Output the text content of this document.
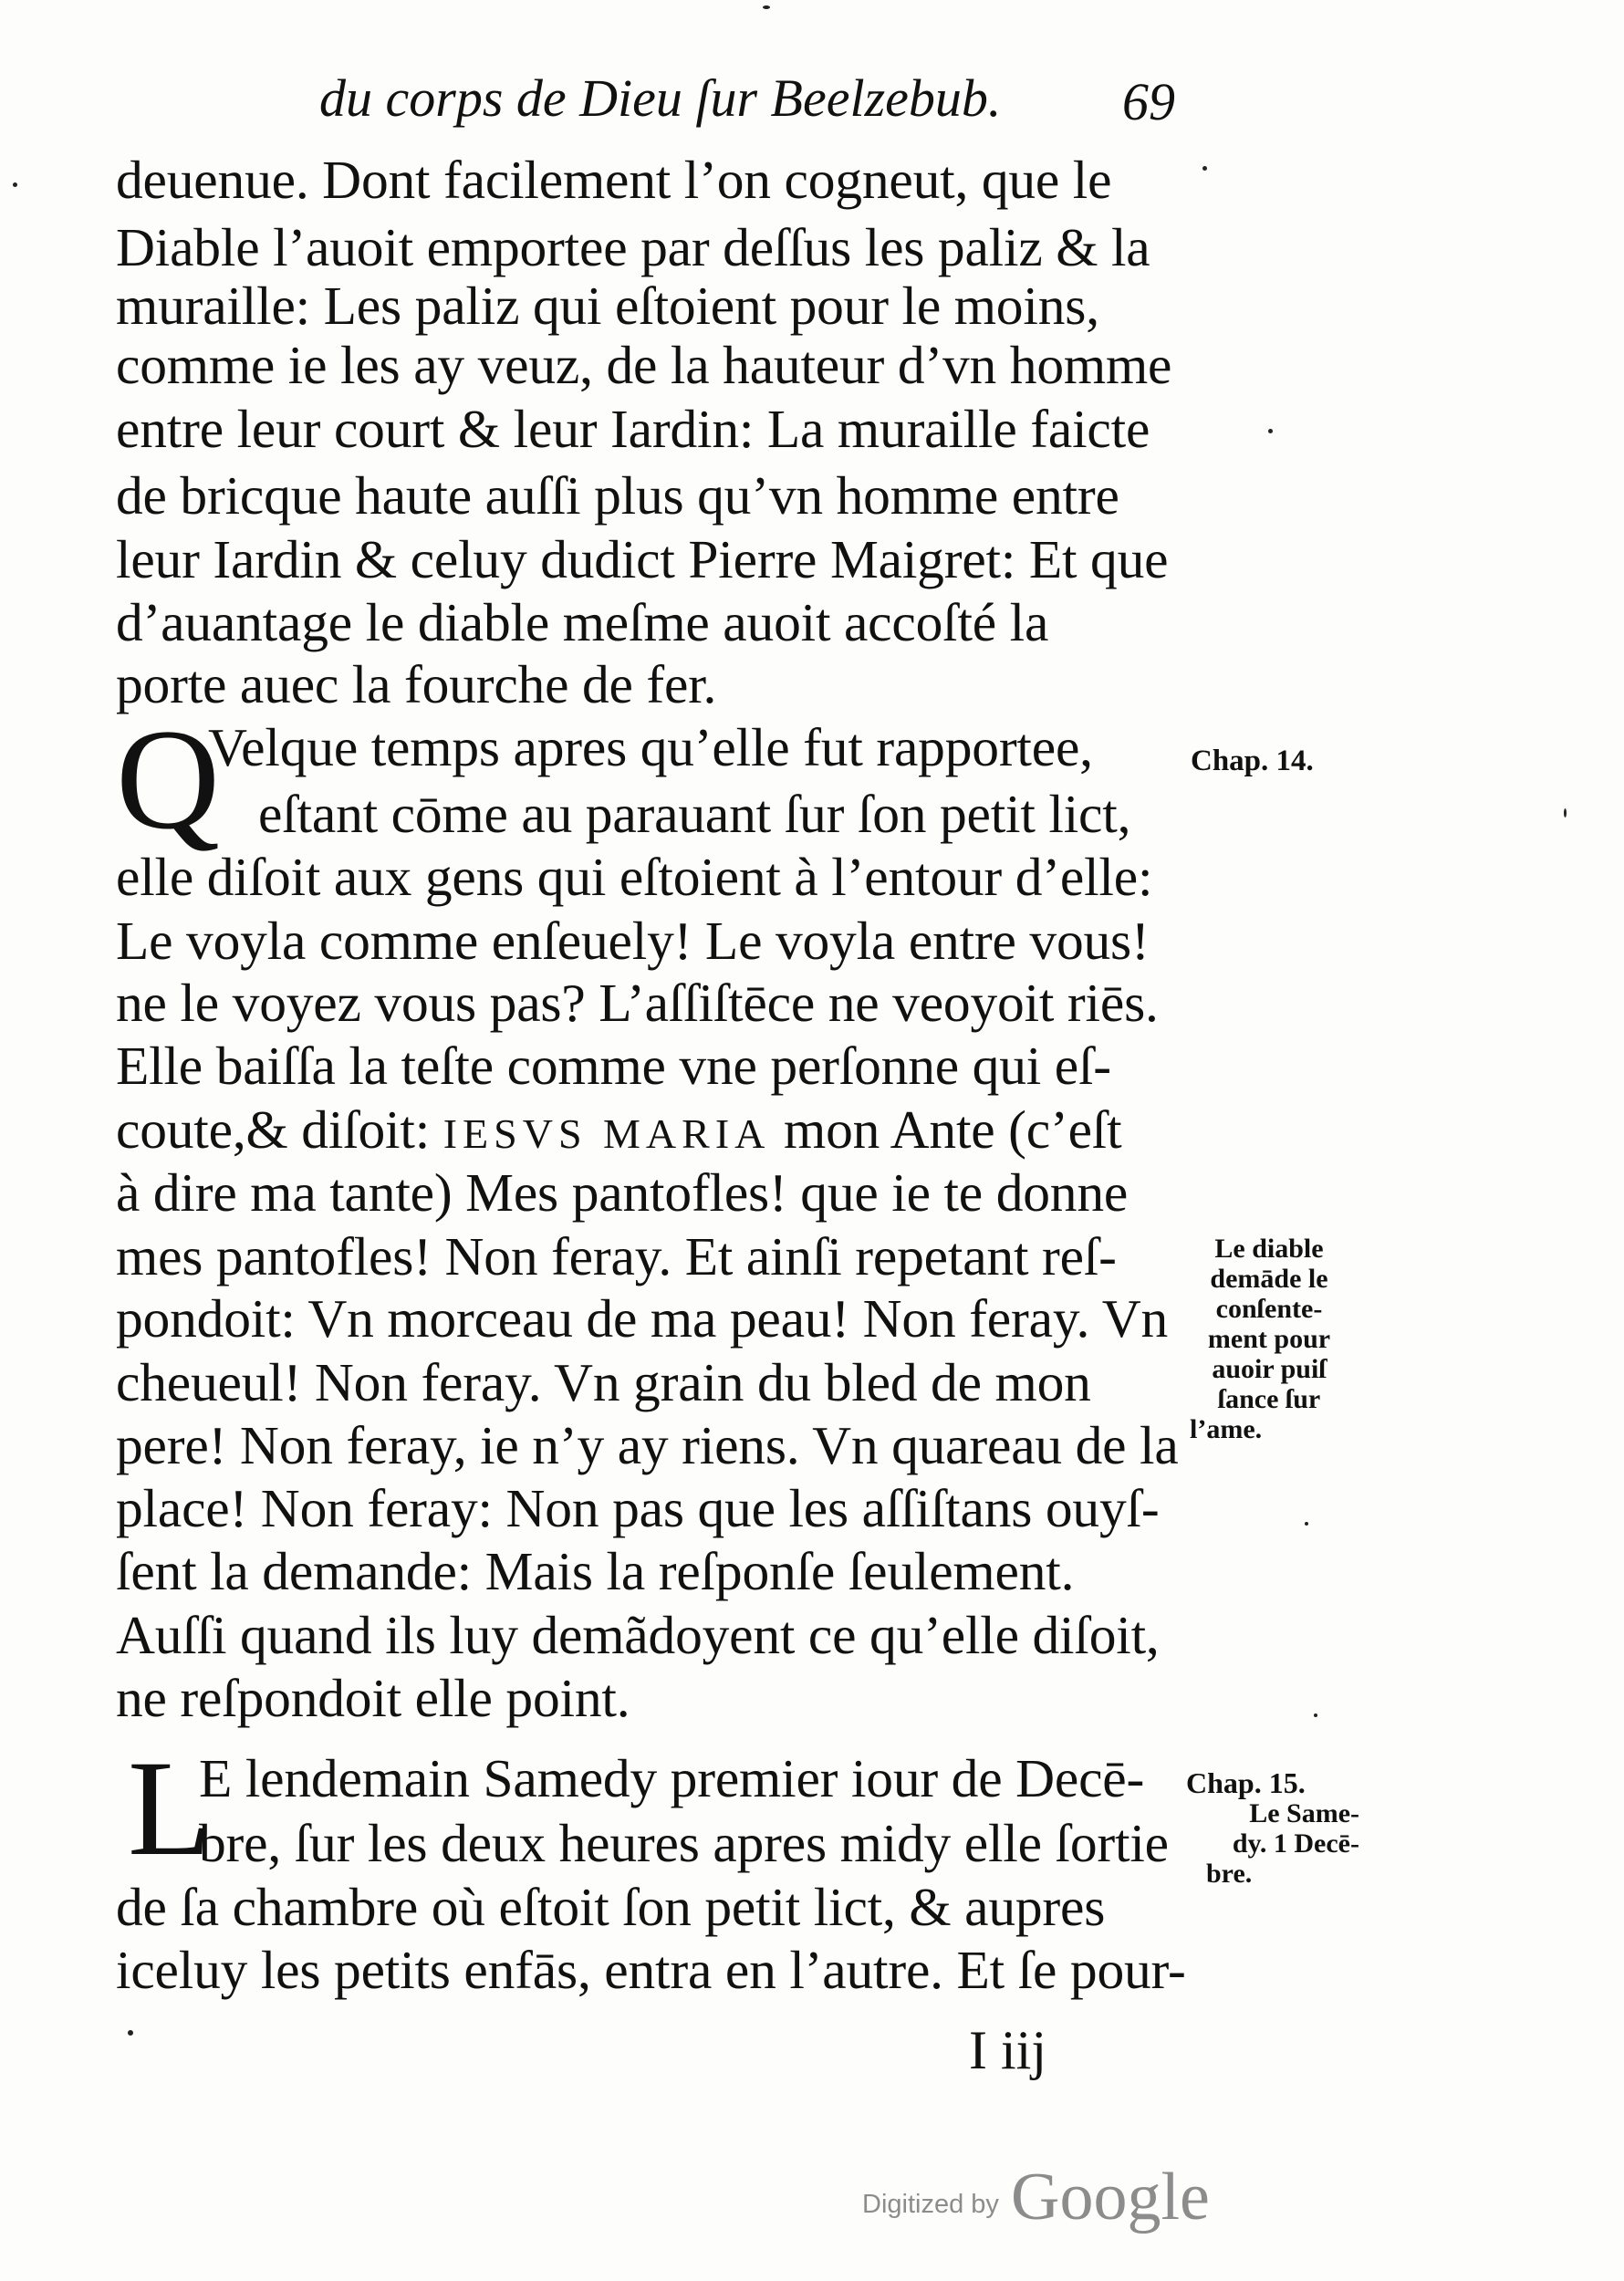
du corps de Dieu ſur Beelzebub. 69
deuenue. Dont facilement l’on cogneut, que le
Diable l’auoit emportee par deſſus les paliz & la
muraille: Les paliz qui eſtoient pour le moins,
comme ie les ay veuz, de la hauteur d’vn homme
entre leur court & leur Iardin: La muraille faicte
de bricque haute auſſi plus qu’vn homme entre
leur Iardin & celuy dudict Pierre Maigret: Et que
d’auantage le diable meſme auoit accoſté la
porte auec la fourche de fer.
Q
Velque temps apres qu’elle fut rapportee,
eſtant cōme au parauant ſur ſon petit lict,
elle diſoit aux gens qui eſtoient à l’entour d’elle:
Le voyla comme enſeuely! Le voyla entre vous!
ne le voyez vous pas? L’aſſiſtēce ne veoyoit riēs.
Elle baiſſa la teſte comme vne perſonne qui eſ-
coute,& diſoit: IESVS MARIA mon Ante (c’eſt
à dire ma tante) Mes pantofles! que ie te donne
mes pantofles! Non feray. Et ainſi repetant reſ-
pondoit: Vn morceau de ma peau! Non feray. Vn
cheueul! Non feray. Vn grain du bled de mon
pere! Non feray, ie n’y ay riens. Vn quareau de la
place! Non feray: Non pas que les aſſiſtans ouyſ-
ſent la demande: Mais la reſponſe ſeulement.
Auſſi quand ils luy demãdoyent ce qu’elle diſoit,
ne reſpondoit elle point.
L
E lendemain Samedy premier iour de Decē-
bre, ſur les deux heures apres midy elle ſortie
de ſa chambre où eſtoit ſon petit lict, & aupres
iceluy les petits enfās, entra en l’autre. Et ſe pour-
Chap. 14.
Le diable
demāde le
conſente-
ment pour
auoir puiſ
ſance ſur
l’ame.
Chap. 15.
Le Same-
dy. 1 Decē-
bre.
I iij
Digitized by Google
